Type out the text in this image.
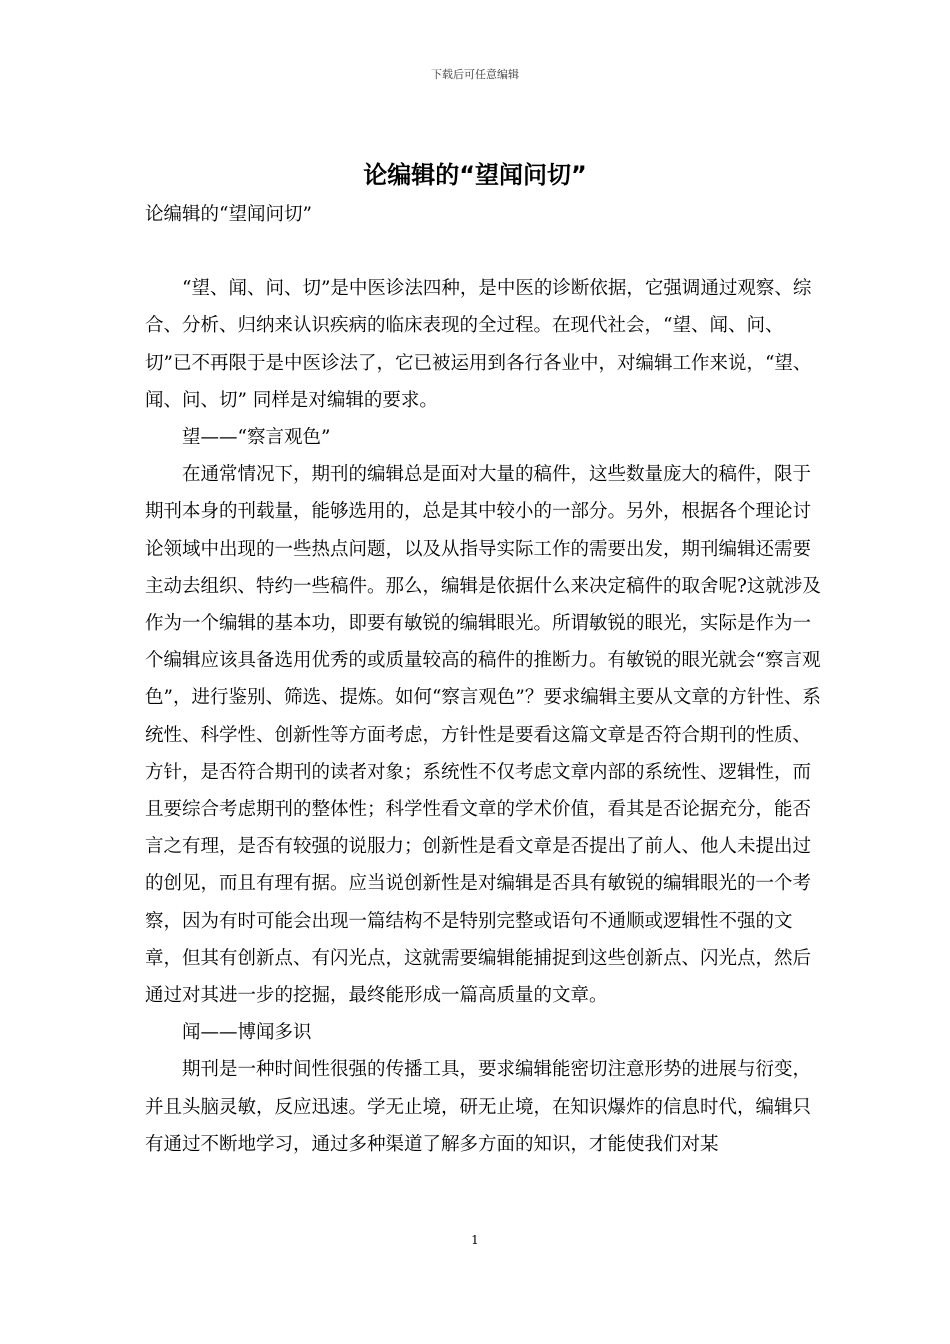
下载后可任意编辑
论编辑的“望闻问切”

论编辑的“望闻问切”

“望、闻、问、切”是中医诊法四种，是中医的诊断依据，它强调通过观察、综合、分析、归纳来认识疾病的临床表现的全过程。在现代社会，“望、闻、问、切”已不再限于是中医诊法了，它已被运用到各行各业中，对编辑工作来说，“望、闻、问、切” 同样是对编辑的要求。

望——“察言观色”

在通常情况下，期刊的编辑总是面对大量的稿件，这些数量庞大的稿件，限于期刊本身的刊载量，能够选用的，总是其中较小的一部分。另外，根据各个理论讨论领域中出现的一些热点问题，以及从指导实际工作的需要出发，期刊编辑还需要主动去组织、特约一些稿件。那么，编辑是依据什么来决定稿件的取舍呢?这就涉及作为一个编辑的基本功，即要有敏锐的编辑眼光。所谓敏锐的眼光，实际是作为一个编辑应该具备选用优秀的或质量较高的稿件的推断力。有敏锐的眼光就会“察言观色”，进行鉴别、筛选、提炼。如何“察言观色”？要求编辑主要从文章的方针性、系统性、科学性、创新性等方面考虑，方针性是要看这篇文章是否符合期刊的性质、方针，是否符合期刊的读者对象；系统性不仅考虑文章内部的系统性、逻辑性，而且要综合考虑期刊的整体性；科学性看文章的学术价值，看其是否论据充分，能否言之有理，是否有较强的说服力；创新性是看文章是否提出了前人、他人未提出过的创见，而且有理有据。应当说创新性是对编辑是否具有敏锐的编辑眼光的一个考察，因为有时可能会出现一篇结构不是特别完整或语句不通顺或逻辑性不强的文章，但其有创新点、有闪光点，这就需要编辑能捕捉到这些创新点、闪光点，然后通过对其进一步的挖掘，最终能形成一篇高质量的文章。

闻——博闻多识

期刊是一种时间性很强的传播工具，要求编辑能密切注意形势的进展与衍变，并且头脑灵敏，反应迅速。学无止境，研无止境，在知识爆炸的信息时代，编辑只有通过不断地学习，通过多种渠道了解多方面的知识，才能使我们对某

1
